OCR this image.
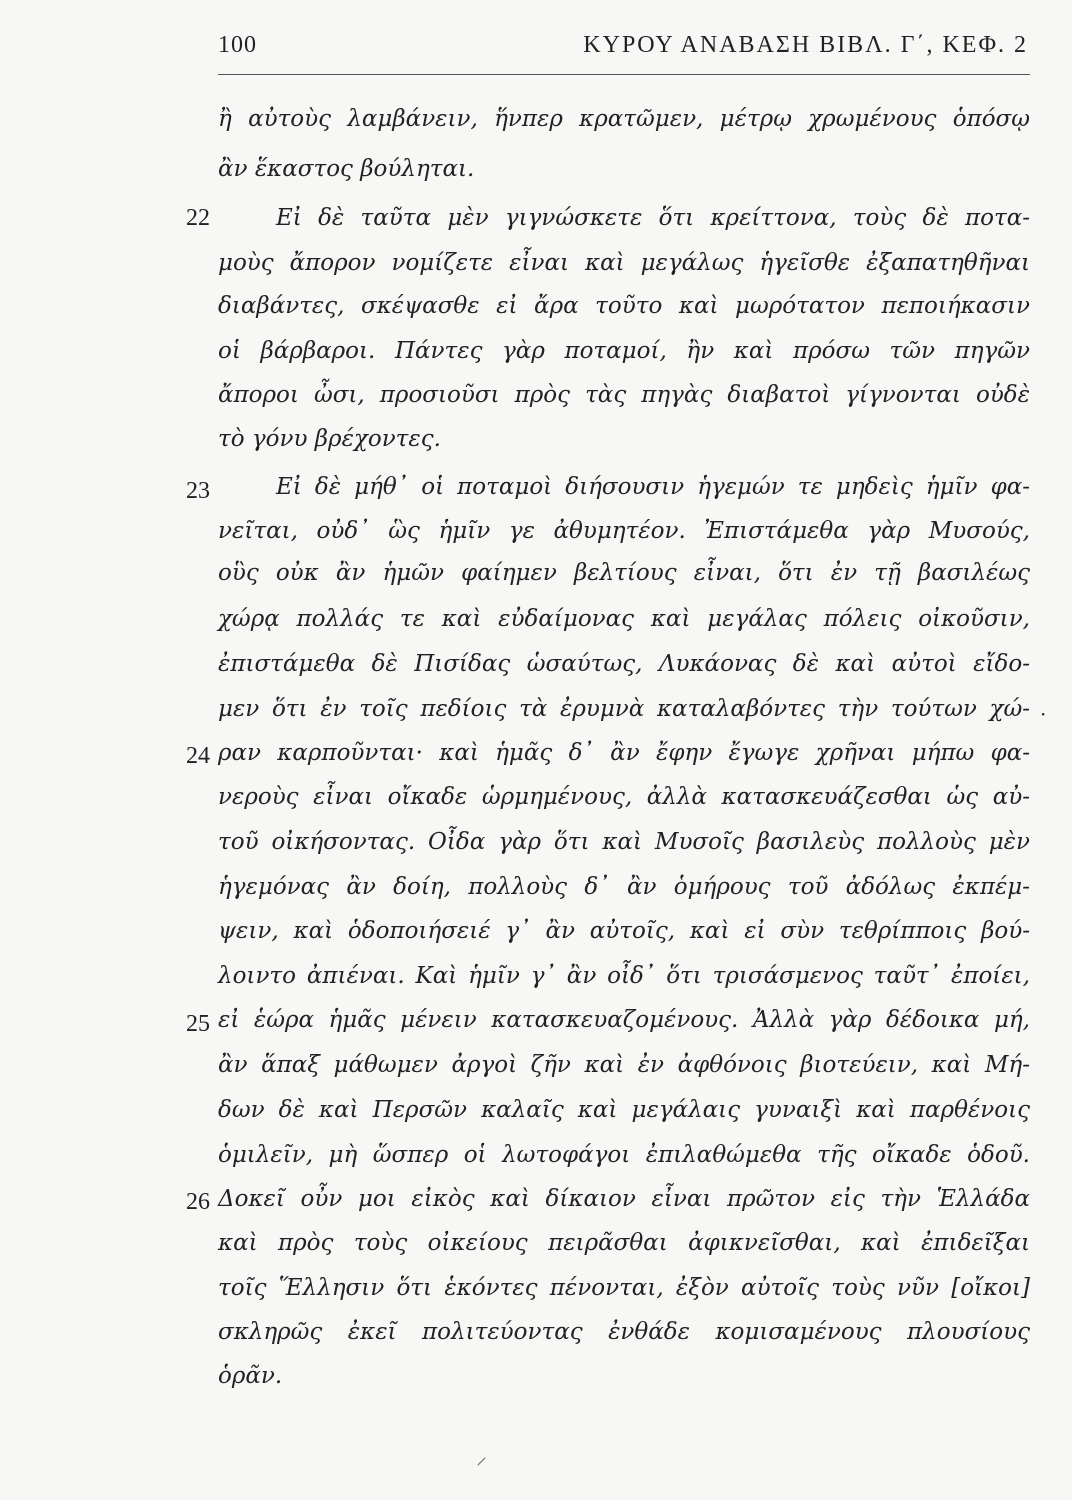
100	ΚΥΡΟΥ ΑΝΑΒΑΣΗ ΒΙΒΛ. Γ΄, ΚΕΦ. 2
ἢ αὐτοὺς λαμβάνειν, ἥνπερ κρατῶμεν, μέτρῳ χρωμένους ὁπόσῳ
ἂν ἕκαστος βούληται.
22	Εἰ δὲ ταῦτα μὲν γιγνώσκετε ὅτι κρείττονα, τοὺς δὲ ποτα-
μοὺς ἄπορον νομίζετε εἶναι καὶ μεγάλως ἡγεῖσθε ἐξαπατηθῆναι
διαβάντες, σκέψασθε εἰ ἄρα τοῦτο καὶ μωρότατον πεποιήκασιν
οἱ βάρβαροι. Πάντες γὰρ ποταμοί, ἢν καὶ πρόσω τῶν πηγῶν
ἄποροι ὦσι, προσιοῦσι πρὸς τὰς πηγὰς διαβατοὶ γίγνονται οὐδὲ
τὸ γόνυ βρέχοντες.
23	Εἰ δὲ μήθ᾽ οἱ ποταμοὶ διήσουσιν ἡγεμών τε μηδεὶς ἡμῖν φα-
νεῖται, οὐδ᾽ ὣς ἡμῖν γε ἀθυμητέον. Ἐπιστάμεθα γὰρ Μυσούς,
οὓς οὐκ ἂν ἡμῶν φαίημεν βελτίους εἶναι, ὅτι ἐν τῇ βασιλέως
χώρᾳ πολλάς τε καὶ εὐδαίμονας καὶ μεγάλας πόλεις οἰκοῦσιν,
ἐπιστάμεθα δὲ Πισίδας ὡσαύτως, Λυκάονας δὲ καὶ αὐτοὶ εἴδο-
μεν ὅτι ἐν τοῖς πεδίοις τὰ ἐρυμνὰ καταλαβόντες τὴν τούτων χώ-
24 ραν καρποῦνται· καὶ ἡμᾶς δ᾽ ἂν ἔφην ἔγωγε χρῆναι μήπω φα-
νεροὺς εἶναι οἴκαδε ὡρμημένους, ἀλλὰ κατασκευάζεσθαι ὡς αὐ-
τοῦ οἰκήσοντας. Οἶδα γὰρ ὅτι καὶ Μυσοῖς βασιλεὺς πολλοὺς μὲν
ἡγεμόνας ἂν δοίη, πολλοὺς δ᾽ ἂν ὁμήρους τοῦ ἀδόλως ἐκπέμ-
ψειν, καὶ ὁδοποιήσειέ γ᾽ ἂν αὐτοῖς, καὶ εἰ σὺν τεθρίπποις βού-
λοιντο ἀπιέναι. Καὶ ἡμῖν γ᾽ ἂν οἶδ᾽ ὅτι τρισάσμενος ταῦτ᾽ ἐποίει,
25 εἰ ἑώρα ἡμᾶς μένειν κατασκευαζομένους. Ἀλλὰ γὰρ δέδοικα μή,
ἂν ἅπαξ μάθωμεν ἀργοὶ ζῆν καὶ ἐν ἀφθόνοις βιοτεύειν, καὶ Μή-
δων δὲ καὶ Περσῶν καλαῖς καὶ μεγάλαις γυναιξὶ καὶ παρθένοις
ὁμιλεῖν, μὴ ὥσπερ οἱ λωτοφάγοι ἐπιλαθώμεθα τῆς οἴκαδε ὁδοῦ.
26 Δοκεῖ οὖν μοι εἰκὸς καὶ δίκαιον εἶναι πρῶτον εἰς τὴν Ἑλλάδα
καὶ πρὸς τοὺς οἰκείους πειρᾶσθαι ἀφικνεῖσθαι, καὶ ἐπιδεῖξαι
τοῖς Ἕλλησιν ὅτι ἑκόντες πένονται, ἐξὸν αὐτοῖς τοὺς νῦν [οἴκοι]
σκληρῶς ἐκεῖ πολιτεύοντας ἐνθάδε κομισαμένους πλουσίους
ὁρᾶν.
·
⸍
